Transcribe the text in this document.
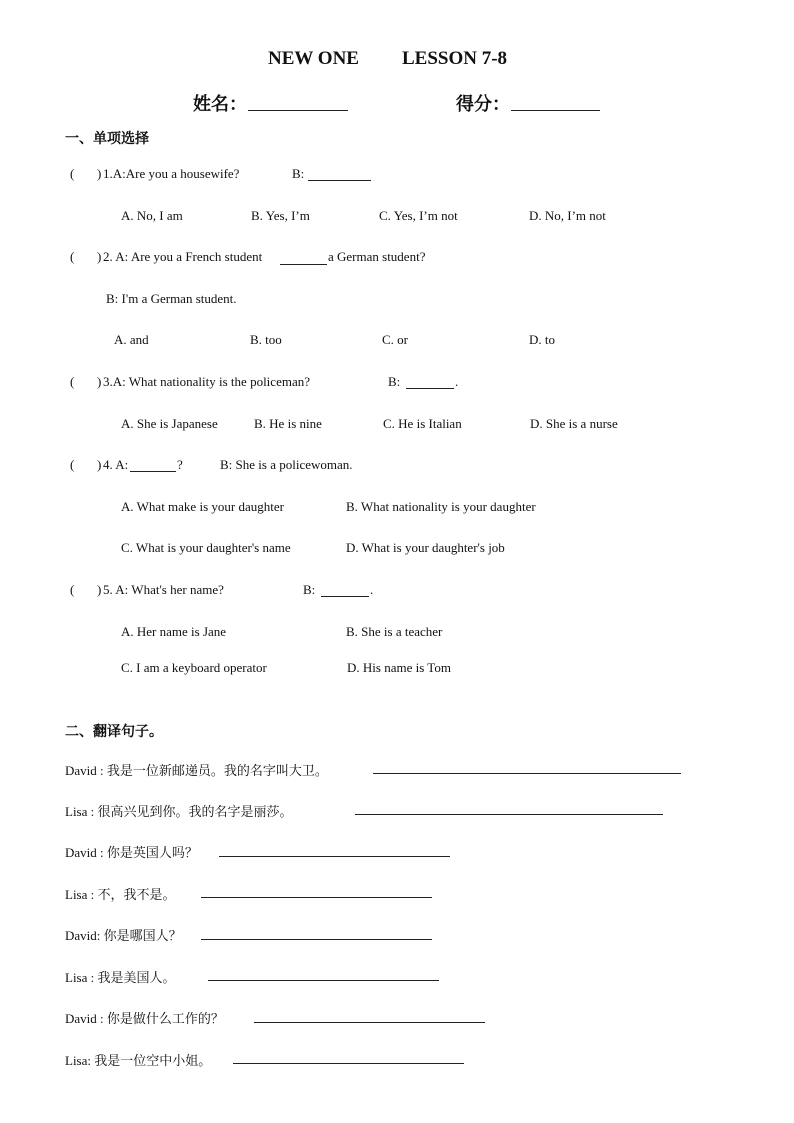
NEW ONE LESSON 7-8
姓名：	得分：
一、单项选择
( ) 1.A:Are you a housewife?	B:
A. No, I am	B. Yes, I’m	C. Yes, I’m not	D. No, I’m not
( ) 2. A: Are you a French student	a German student?
B: I'm a German student.
A. and	B. too	C. or	D. to
( ) 3.A: What nationality is the policeman?	B:	.
A. She is Japanese	B. He is nine	C. He is Italian	D. She is a nurse
( ) 4. A:	?	B: She is a policewoman.
A. What make is your daughter	B. What nationality is your daughter
C. What is your daughter's name	D. What is your daughter's job
( ) 5. A: What's her name?	B:	.
A. Her name is Jane	B. She is a teacher
C. I am a keyboard operator	D. His name is Tom
二、翻译句子。
David : 我是一位新邮递员。我的名字叫大卫。
Lisa : 很高兴见到你。我的名字是丽莎。
David : 你是英国人吗？
Lisa : 不，我不是。
David: 你是哪国人？
Lisa : 我是美国人。
David : 你是做什么工作的？
Lisa: 我是一位空中小姐。
